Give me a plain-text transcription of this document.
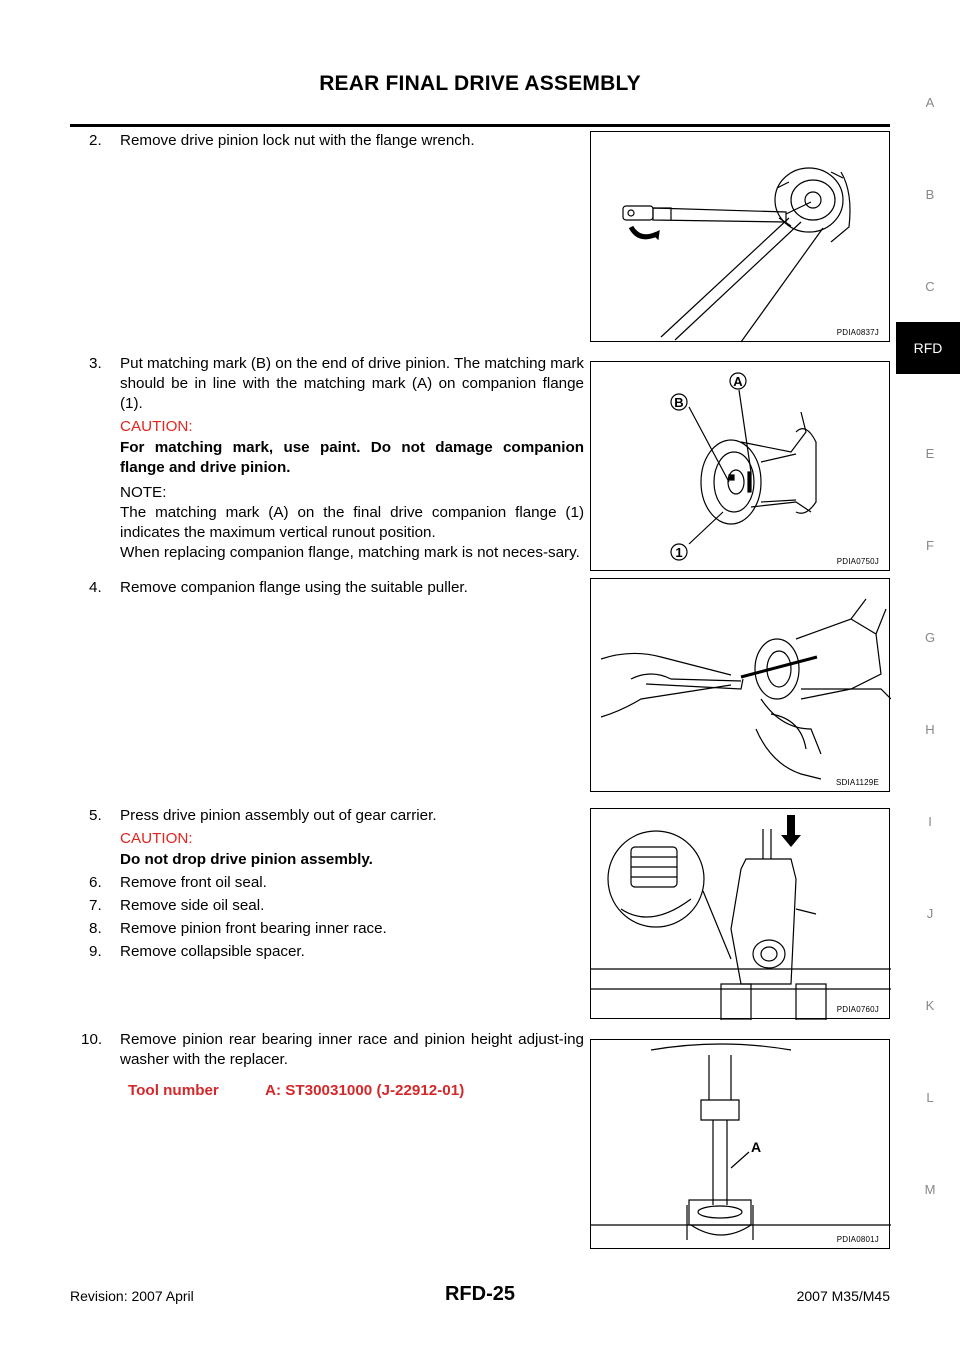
REAR FINAL DRIVE ASSEMBLY
A
B
C
RFD
E
F
G
H
I
J
K
L
M
2.	Remove drive pinion lock nut with the flange wrench.
3.	Put matching mark (B) on the end of drive pinion. The matching mark should be in line with the matching mark (A) on companion flange (1).
CAUTION:
For matching mark, use paint. Do not damage companion flange and drive pinion.
NOTE:
The matching mark (A) on the final drive companion flange (1) indicates the maximum vertical runout position.
When replacing companion flange, matching mark is not neces-sary.
4.	Remove companion flange using the suitable puller.
5.	Press drive pinion assembly out of gear carrier.
CAUTION:
Do not drop drive pinion assembly.
6.	Remove front oil seal.
7.	Remove side oil seal.
8.	Remove pinion front bearing inner race.
9.	Remove collapsible spacer.
10.	Remove pinion rear bearing inner race and pinion height adjust-ing washer with the replacer.
Tool number	A: ST30031000 (J-22912-01)
PDIA0837J
A
B
1
PDIA0750J
SDIA1129E
PDIA0760J
A
PDIA0801J
Revision: 2007 April	RFD-25	2007 M35/M45
